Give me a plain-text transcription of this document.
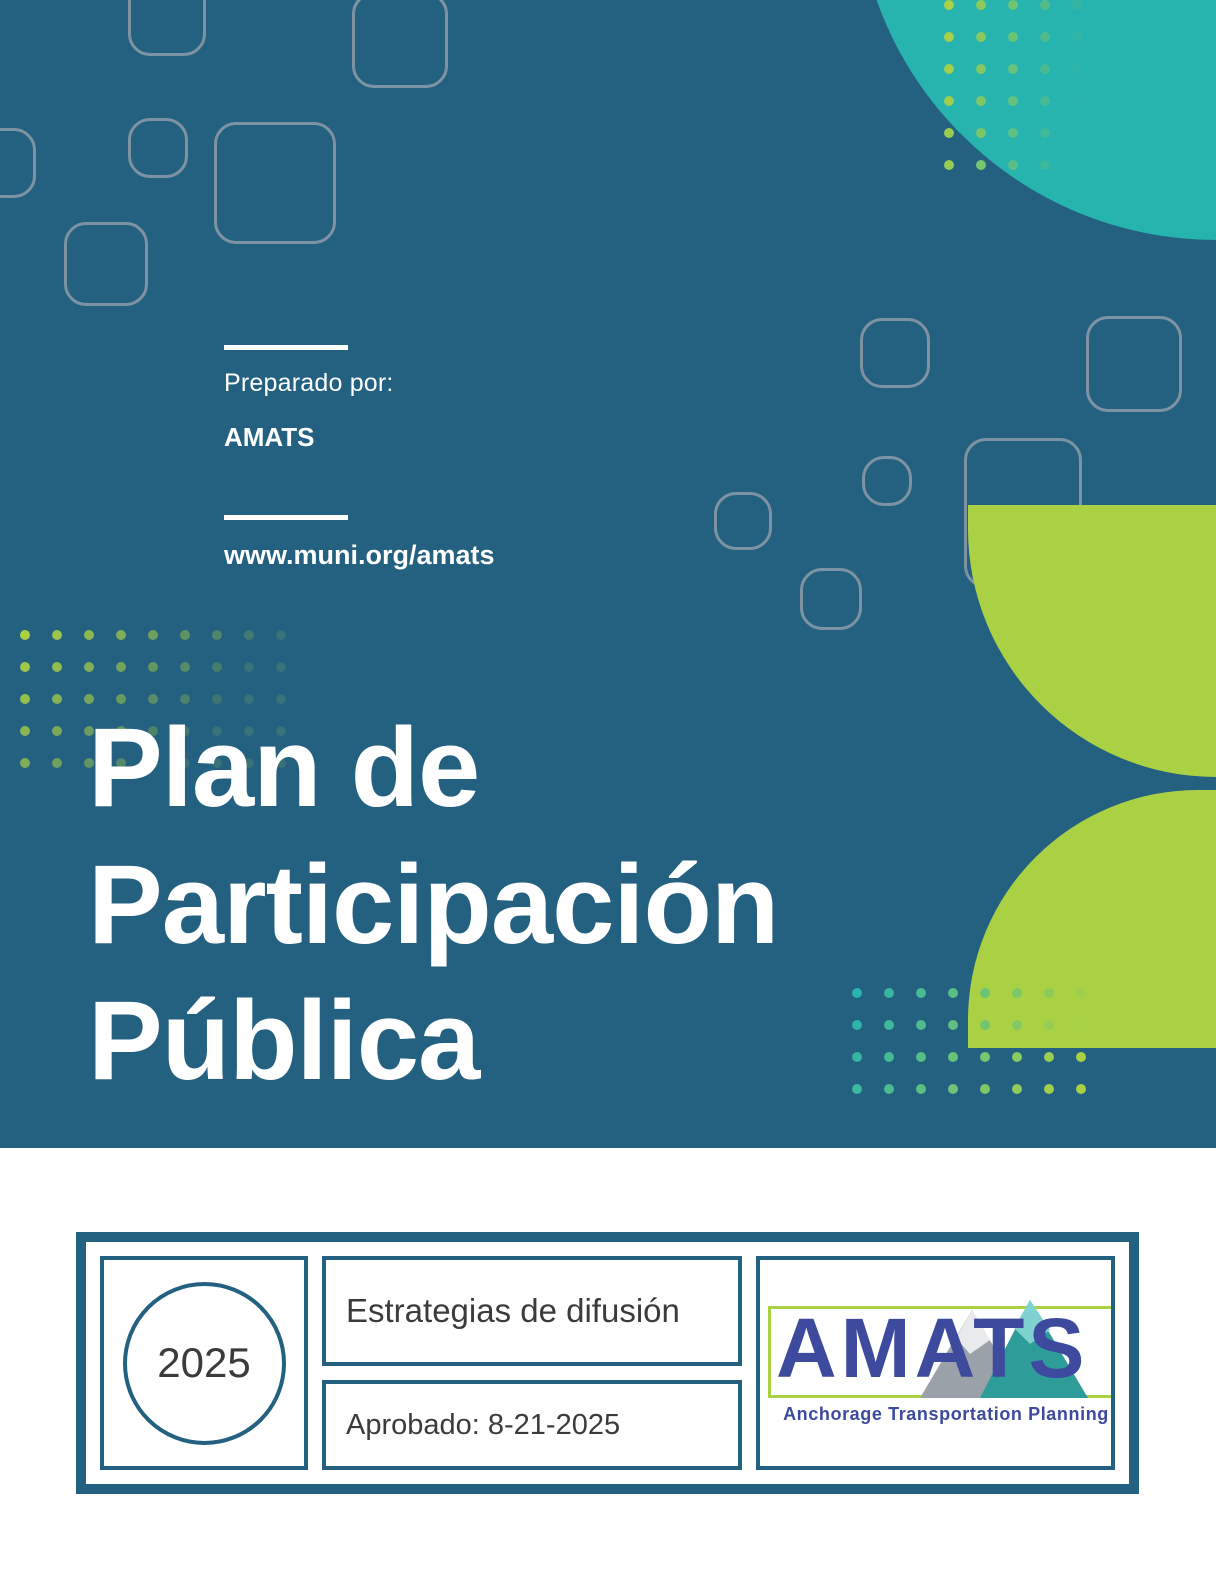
Preparado por:
AMATS
www.muni.org/amats
Plan de Participación Pública
2025
Estrategias de difusión
Aprobado: 8-21-2025
AMATS
Anchorage Transportation Planning
